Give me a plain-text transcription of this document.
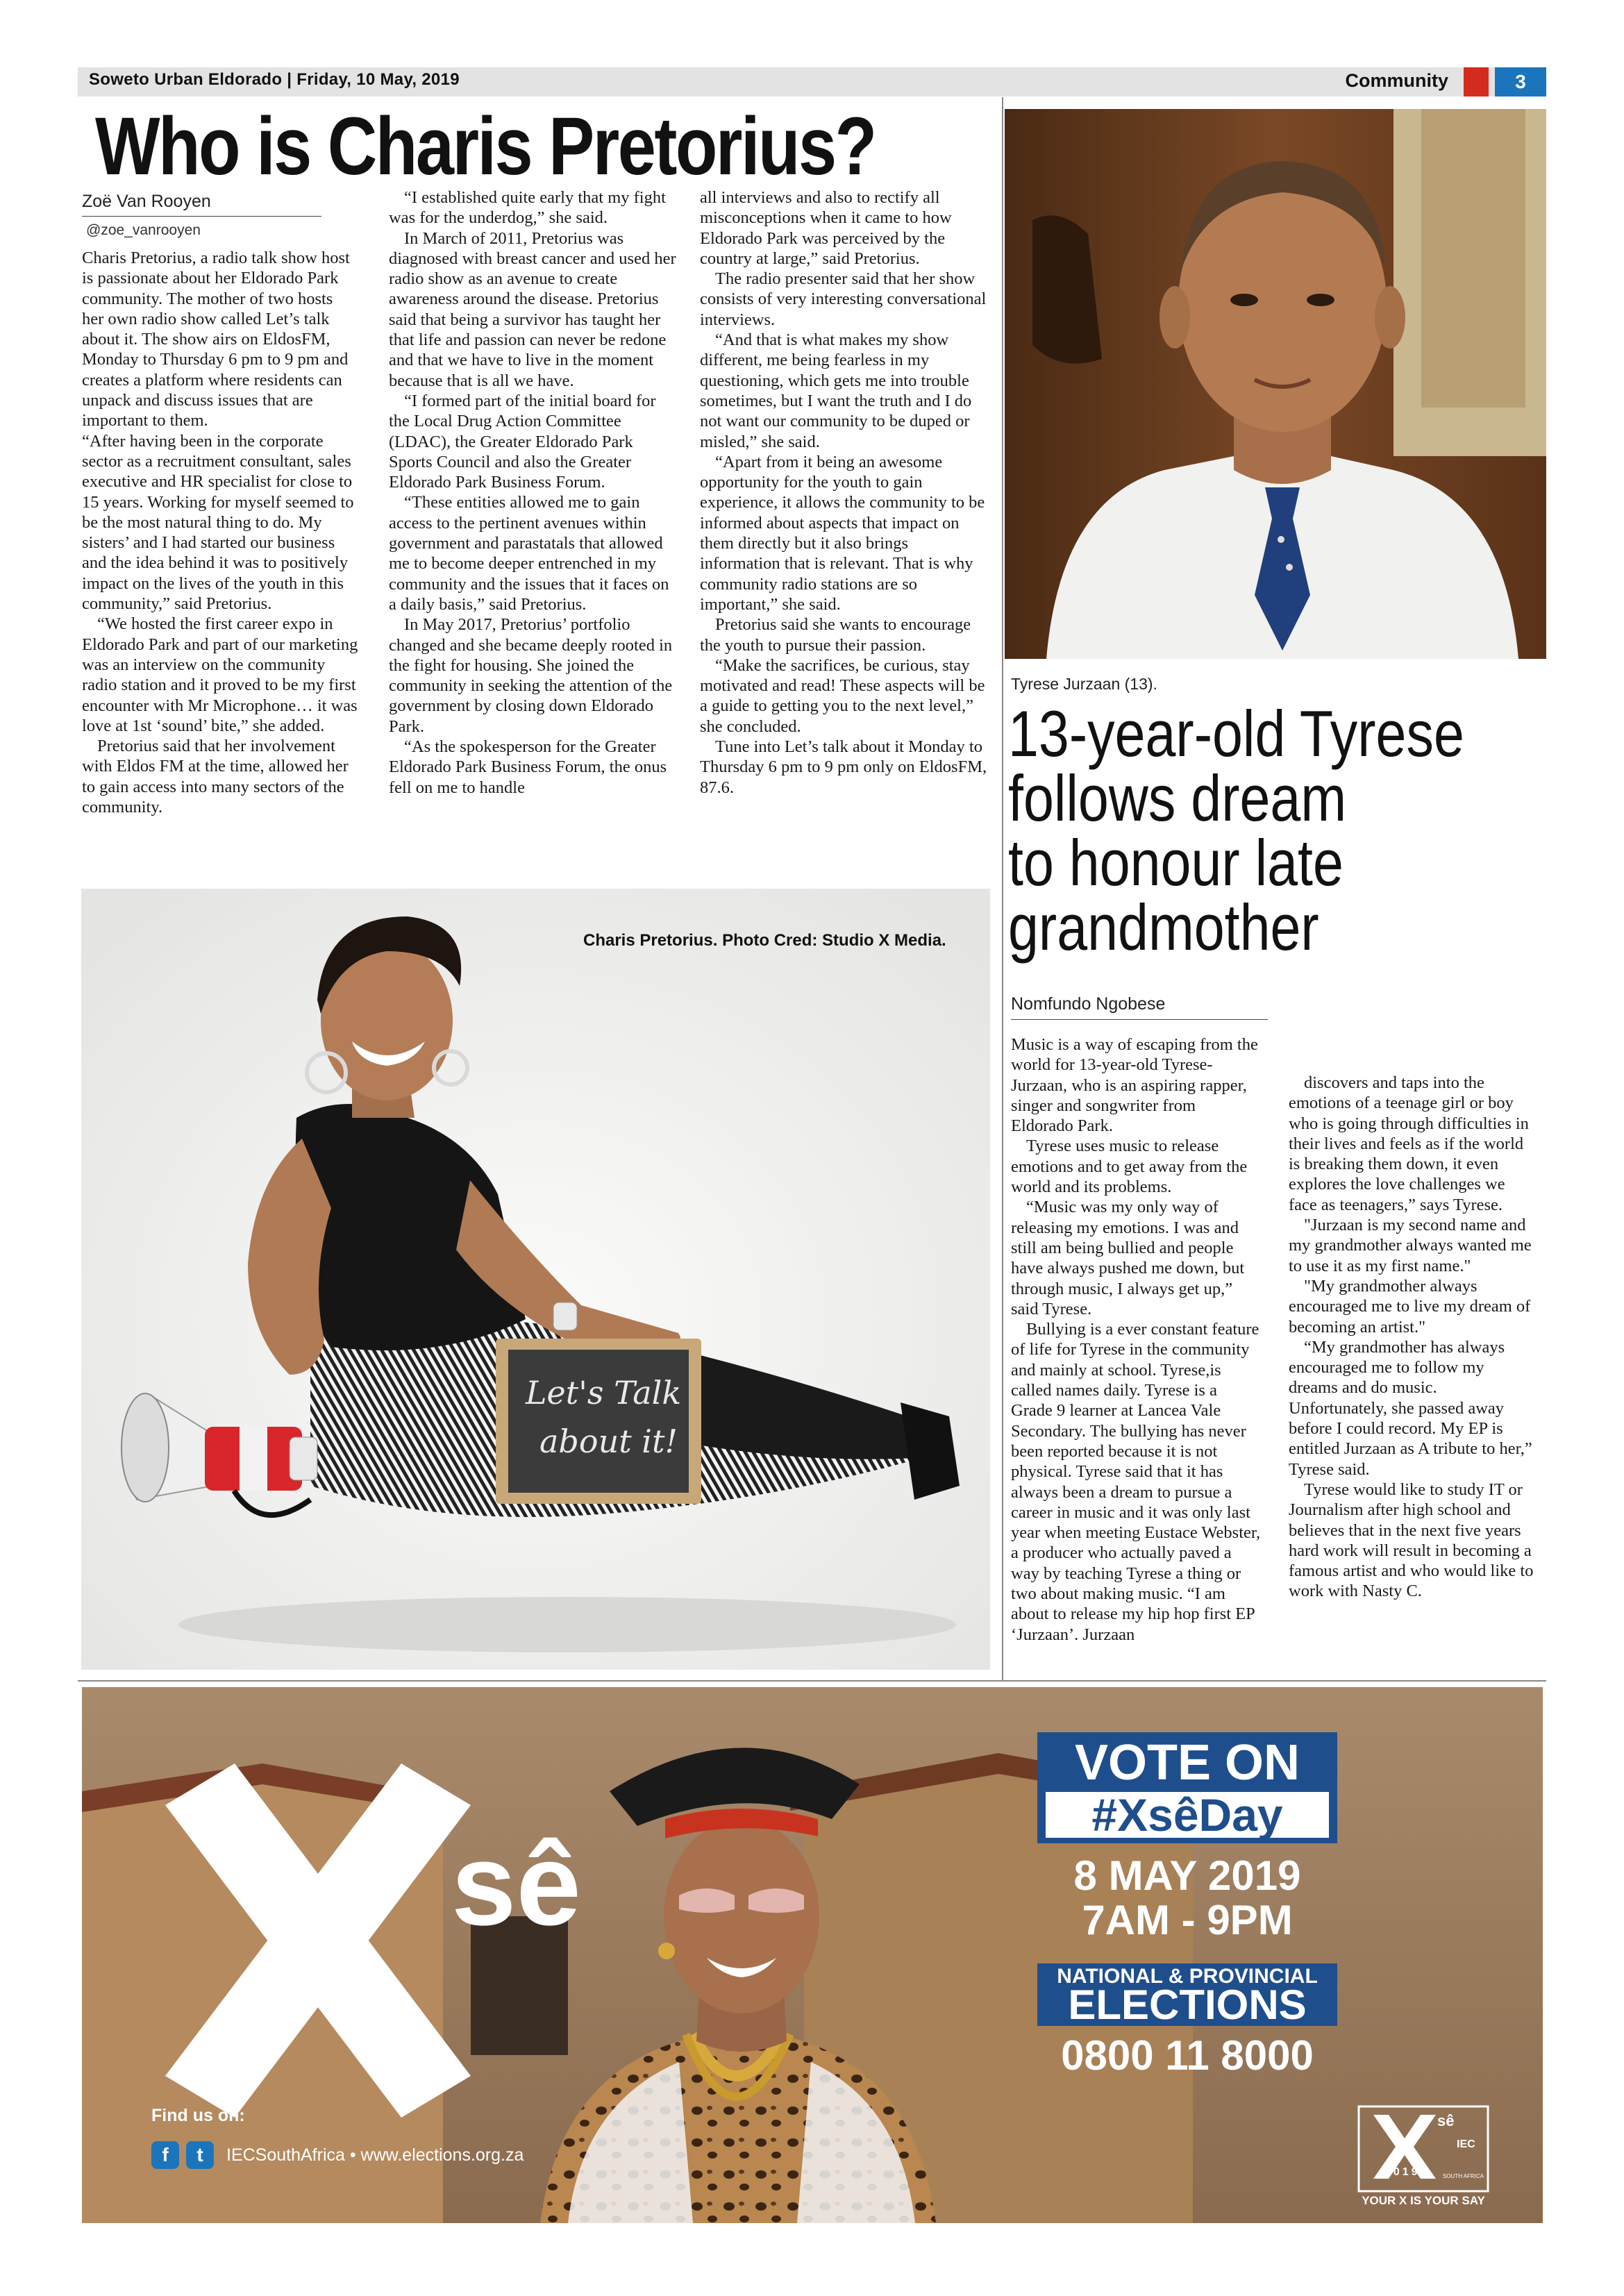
Soweto Urban Eldorado | Friday, 10 May, 2019	Community	3
Who is Charis Pretorius?
Zoë Van Rooyen
@zoe_vanrooyen

Charis Pretorius, a radio talk show host is passionate about her Eldorado Park community. The mother of two hosts her own radio show called Let’s talk about it. The show airs on EldosFM, Monday to Thursday 6 pm to 9 pm and creates a platform where residents can unpack and discuss issues that are important to them.

“After having been in the corporate sector as a recruitment consultant, sales executive and HR specialist for close to 15 years. Working for myself seemed to be the most natural thing to do. My sisters’ and I had started our business and the idea behind it was to positively impact on the lives of the youth in this community,” said Pretorius.

“We hosted the first career expo in Eldorado Park and part of our marketing was an interview on the community radio station and it proved to be my first encounter with Mr Microphone… it was love at 1st ‘sound’ bite,” she added.

Pretorius said that her involvement with Eldos FM at the time, allowed her to gain access into many sectors of the community.

“I established quite early that my fight was for the underdog,” she said.

In March of 2011, Pretorius was diagnosed with breast cancer and used her radio show as an avenue to create awareness around the disease. Pretorius said that being a survivor has taught her that life and passion can never be redone and that we have to live in the moment because that is all we have.

“I formed part of the initial board for the Local Drug Action Committee (LDAC), the Greater Eldorado Park Sports Council and also the Greater Eldorado Park Business Forum.

“These entities allowed me to gain access to the pertinent avenues within government and parastatals that allowed me to become deeper entrenched in my community and the issues that it faces on a daily basis,” said Pretorius.

In May 2017, Pretorius’ portfolio changed and she became deeply rooted in the fight for housing. She joined the community in seeking the attention of the government by closing down Eldorado Park.

“As the spokesperson for the Greater Eldorado Park Business Forum, the onus fell on me to handle

all interviews and also to rectify all misconceptions when it came to how Eldorado Park was perceived by the country at large,” said Pretorius.

The radio presenter said that her show consists of very interesting conversational interviews.

“And that is what makes my show different, me being fearless in my questioning, which gets me into trouble sometimes, but I want the truth and I do not want our community to be duped or misled,” she said.

“Apart from it being an awesome opportunity for the youth to gain experience, it allows the community to be informed about aspects that impact on them directly but it also brings information that is relevant. That is why community radio stations are so important,” she said.

Pretorius said she wants to encourage the youth to pursue their passion.

“Make the sacrifices, be curious, stay motivated and read! These aspects will be a guide to getting you to the next level,” she concluded.

Tune into Let’s talk about it Monday to Thursday 6 pm to 9 pm only on EldosFM, 87.6.

Let's Talk
about it!
Charis Pretorius. Photo Cred: Studio X Media.
Tyrese Jurzaan (13).
13-year-old Tyrese
follows dream
to honour late
grandmother
Nomfundo Ngobese

Music is a way of escaping from the world for 13-year-old Tyrese-Jurzaan, who is an aspiring rapper, singer and songwriter from Eldorado Park.

Tyrese uses music to release emotions and to get away from the world and its problems.

“Music was my only way of releasing my emotions. I was and still am being bullied and people have always pushed me down, but through music, I always get up,” said Tyrese.

Bullying is a ever constant feature of life for Tyrese in the community and mainly at school. Tyrese,is called names daily. Tyrese is a Grade 9 learner at Lancea Vale Secondary. The bullying has never been reported because it is not physical. Tyrese said that it has always been a dream to pursue a career in music and it was only last year when meeting Eustace Webster, a producer who actually paved a way by teaching Tyrese a thing or two about making music. “I am about to release my hip hop first EP ‘Jurzaan’. Jurzaan

discovers and taps into the emotions of a teenage girl or boy who is going through difficulties in their lives and feels as if the world is breaking them down, it even explores the love challenges we face as teenagers,” says Tyrese.

"Jurzaan is my second name and my grandmother always wanted me to use it as my first name."

"My grandmother always encouraged me to live my dream of becoming an artist."

“My grandmother has always encouraged me to follow my dreams and do music. Unfortunately, she passed away before I could record. My EP is entitled Jurzaan as A tribute to her,” Tyrese said.

Tyrese would like to study IT or Journalism after high school and believes that in the next five years hard work will result in becoming a famous artist and who would like to work with Nasty C.

sê
VOTE ON
#XsêDay
8 MAY 2019
7AM - 9PM
NATIONAL & PROVINCIAL
ELECTIONS
0800 11 8000
Find us on:
f	t	IECSouthAfrica • www.elections.org.za
sê
2019
IEC
SOUTH AFRICA
YOUR X IS YOUR SAY
